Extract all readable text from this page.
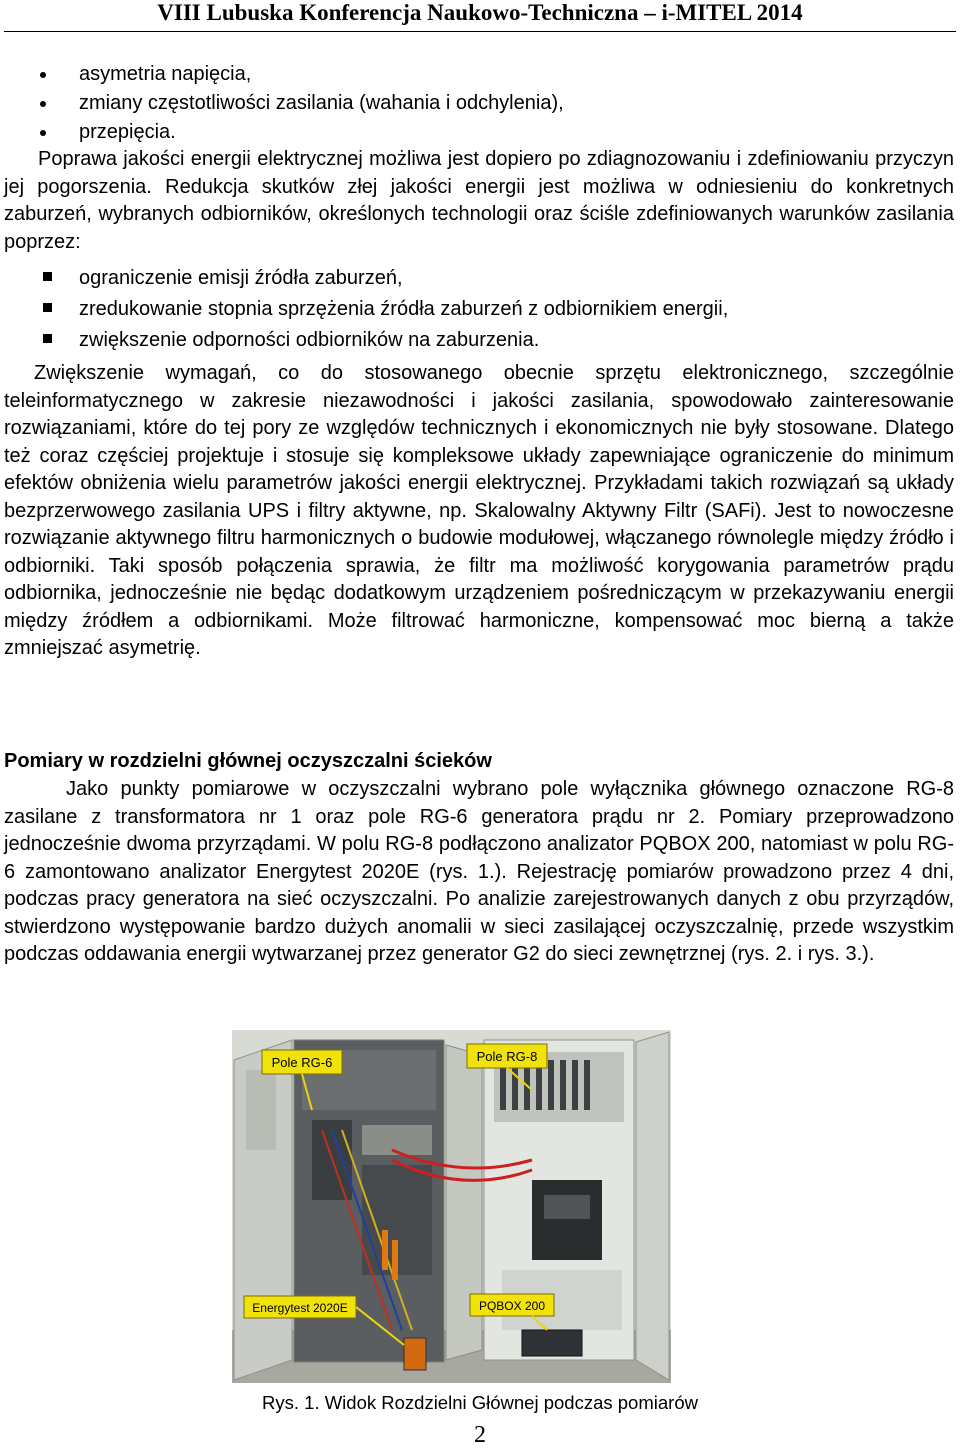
VIII Lubuska Konferencja Naukowo-Techniczna – i-MITEL 2014
asymetria napięcia,
zmiany częstotliwości zasilania (wahania i odchylenia),
przepięcia.

Poprawa jakości energii elektrycznej możliwa jest dopiero po zdiagnozowaniu i zdefiniowaniu przyczyn jej pogorszenia. Redukcja skutków złej jakości energii jest możliwa w odniesieniu do konkretnych zaburzeń, wybranych odbiorników, określonych technologii oraz ściśle zdefiniowanych warunków zasilania poprzez:

ograniczenie emisji źródła zaburzeń,
zredukowanie stopnia sprzężenia źródła zaburzeń z odbiornikiem energii,
zwiększenie odporności odbiorników na zaburzenia.

Zwiększenie wymagań, co do stosowanego obecnie sprzętu elektronicznego, szczególnie teleinformatycznego w zakresie niezawodności i jakości zasilania, spowodowało zainteresowanie rozwiązaniami, które do tej pory ze względów technicznych i ekonomicznych nie były stosowane. Dlatego też coraz częściej projektuje i stosuje się kompleksowe układy zapewniające ograniczenie do minimum efektów obniżenia wielu parametrów jakości energii elektrycznej. Przykładami takich rozwiązań są układy bezprzerwowego zasilania UPS i filtry aktywne, np. Skalowalny Aktywny Filtr (SAFi). Jest to nowoczesne rozwiązanie aktywnego filtru harmonicznych o budowie modułowej, włączanego równolegle między źródło i odbiorniki. Taki sposób połączenia sprawia, że filtr ma możliwość korygowania parametrów prądu odbiornika, jednocześnie nie będąc dodatkowym urządzeniem pośredniczącym w przekazywaniu energii między źródłem a odbiornikami. Może filtrować harmoniczne, kompensować moc bierną a także zmniejszać asymetrię.

Pomiary w rozdzielni głównej oczyszczalni ścieków

Jako punkty pomiarowe w oczyszczalni wybrano pole wyłącznika głównego oznaczone RG-8 zasilane z transformatora nr 1 oraz pole RG-6 generatora prądu nr 2. Pomiary przeprowadzono jednocześnie dwoma przyrządami. W polu RG-8 podłączono analizator PQBOX 200, natomiast w polu RG-6 zamontowano analizator Energytest 2020E (rys. 1.). Rejestrację pomiarów prowadzono przez 4 dni, podczas pracy generatora na sieć oczyszczalni. Po analizie zarejestrowanych danych z obu przyrządów, stwierdzono występowanie bardzo dużych anomalii w sieci zasilającej oczyszczalnię, przede wszystkim podczas oddawania energii wytwarzanej przez generator G2 do sieci zewnętrznej (rys. 2. i rys. 3.).

Pole RG-6	Pole RG-8
Energytest 2020E	PQBOX 200
Rys. 1. Widok Rozdzielni Głównej podczas pomiarów
2
